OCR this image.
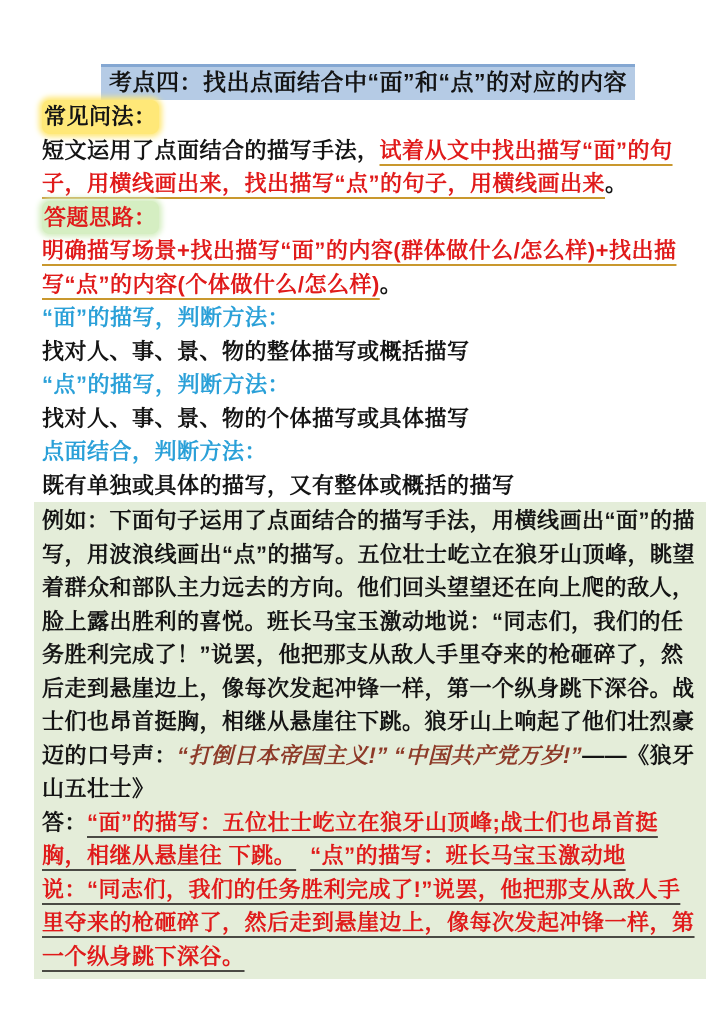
考点四：找出点面结合中“面”和“点”的对应的内容
常见问法：
短文运用了点面结合的描写手法，试着从文中找出描写“面”的句子，用横线画出来，找出描写“点”的句子，用横线画出来。
答题思路：
明确描写场景+找出描写“面”的内容(群体做什么/怎么样)+找出描写“点”的内容(个体做什么/怎么样)。
“面”的描写，判断方法：
找对人、事、景、物的整体描写或概括描写
“点”的描写，判断方法：
找对人、事、景、物的个体描写或具体描写
点面结合，判断方法：
既有单独或具体的描写，又有整体或概括的描写

例如：下面句子运用了点面结合的描写手法，用横线画出“面”的描写，用波浪线画出“点”的描写。五位壮士屹立在狼牙山顶峰，眺望着群众和部队主力远去的方向。他们回头望望还在向上爬的敌人，脸上露出胜利的喜悦。班长马宝玉激动地说：“同志们，我们的任务胜利完成了！”说罢，他把那支从敌人手里夺来的枪砸碎了，然后走到悬崖边上，像每次发起冲锋一样，第一个纵身跳下深谷。战士们也昂首挺胸，相继从悬崖往下跳。狼牙山上响起了他们壮烈豪迈的口号声：“打倒日本帝国主义!” “中国共产党万岁!”——《狼牙山五壮士》

答：“面”的描写：五位壮士屹立在狼牙山顶峰;战士们也昂首挺胸，相继从悬崖往 下跳。 “点”的描写：班长马宝玉激动地说：“同志们，我们的任务胜利完成了!”说罢，他把那支从敌人手里夺来的枪砸碎了，然后走到悬崖边上，像每次发起冲锋一样，第一个纵身跳下深谷。
